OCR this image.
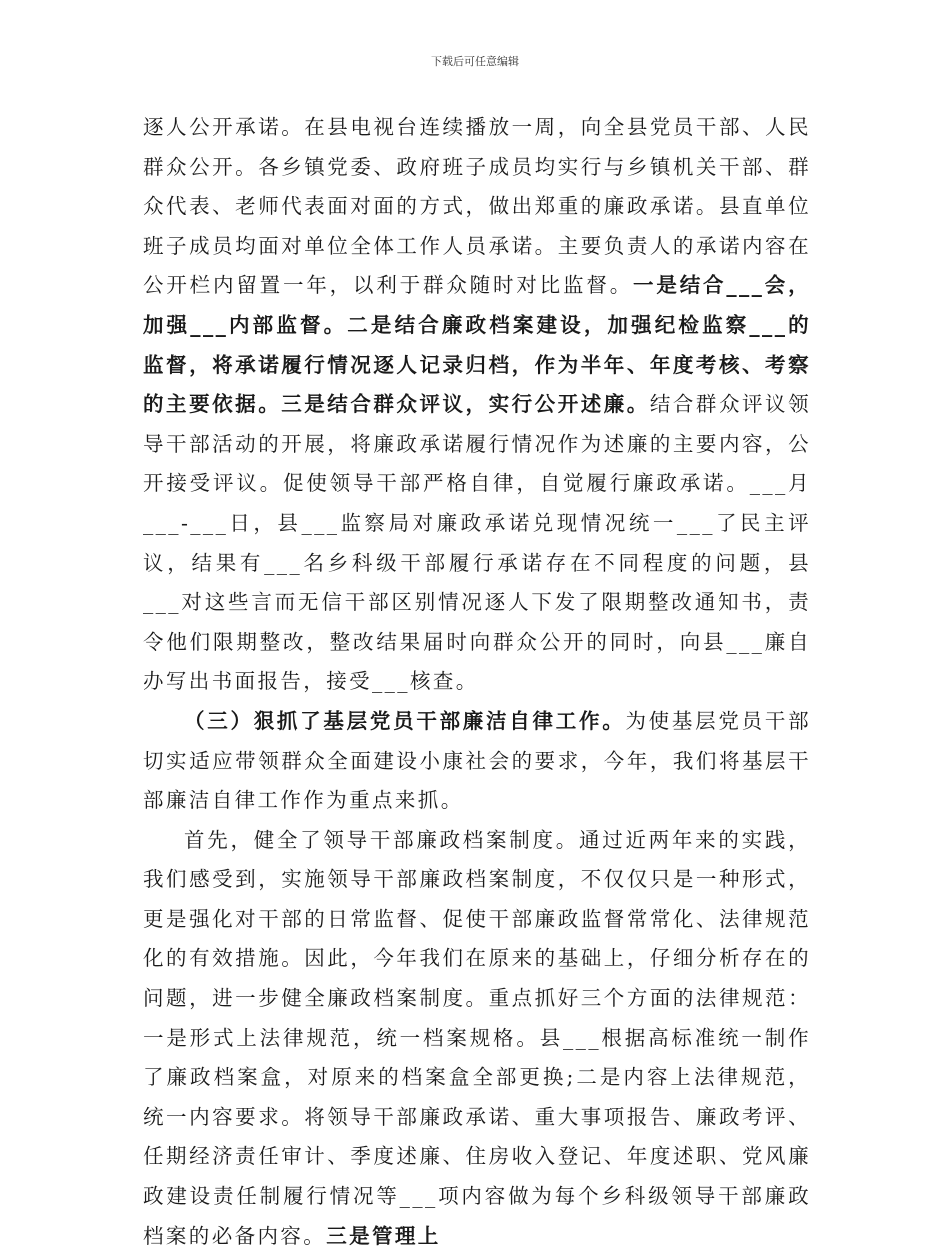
下载后可任意编辑

逐人公开承诺。在县电视台连续播放一周，向全县党员干部、人民群众公开。各乡镇党委、政府班子成员均实行与乡镇机关干部、群众代表、老师代表面对面的方式，做出郑重的廉政承诺。县直单位班子成员均面对单位全体工作人员承诺。主要负责人的承诺内容在公开栏内留置一年，以利于群众随时对比监督。一是结合___会，加强___内部监督。二是结合廉政档案建设，加强纪检监察___的监督，将承诺履行情况逐人记录归档，作为半年、年度考核、考察的主要依据。三是结合群众评议，实行公开述廉。结合群众评议领导干部活动的开展，将廉政承诺履行情况作为述廉的主要内容，公开接受评议。促使领导干部严格自律，自觉履行廉政承诺。___月___-___日，县___监察局对廉政承诺兑现情况统一___了民主评议，结果有___名乡科级干部履行承诺存在不同程度的问题，县___对这些言而无信干部区别情况逐人下发了限期整改通知书，责令他们限期整改，整改结果届时向群众公开的同时，向县___廉自办写出书面报告，接受___核查。

（三）狠抓了基层党员干部廉洁自律工作。为使基层党员干部切实适应带领群众全面建设小康社会的要求，今年，我们将基层干部廉洁自律工作作为重点来抓。

首先，健全了领导干部廉政档案制度。通过近两年来的实践，我们感受到，实施领导干部廉政档案制度，不仅仅只是一种形式，更是强化对干部的日常监督、促使干部廉政监督常常化、法律规范化的有效措施。因此，今年我们在原来的基础上，仔细分析存在的问题，进一步健全廉政档案制度。重点抓好三个方面的法律规范：一是形式上法律规范，统一档案规格。县___根据高标准统一制作了廉政档案盒，对原来的档案盒全部更换;二是内容上法律规范，统一内容要求。将领导干部廉政承诺、重大事项报告、廉政考评、任期经济责任审计、季度述廉、住房收入登记、年度述职、党风廉政建设责任制履行情况等___项内容做为每个乡科级领导干部廉政档案的必备内容。三是管理上
